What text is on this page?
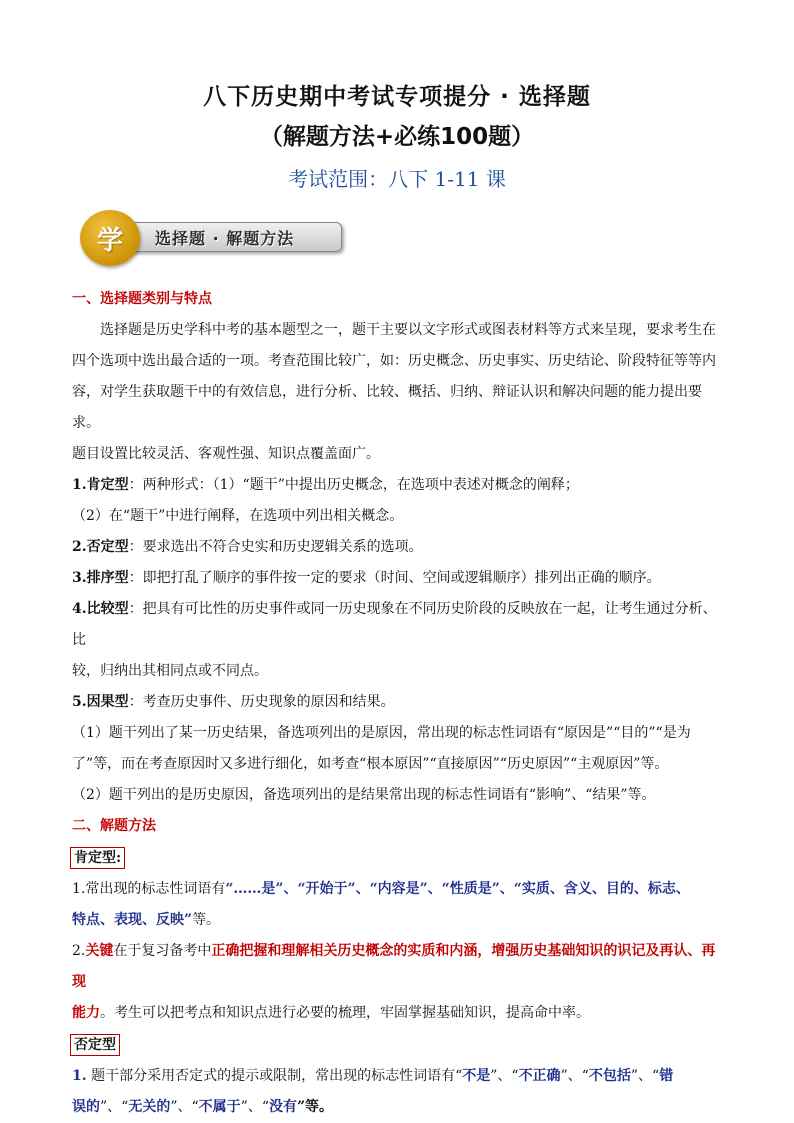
八下历史期中考试专项提分 · 选择题
（解题方法+必练100题）
考试范围：八下 1-11 课
学 选择题 · 解题方法

一、选择题类别与特点

选择题是历史学科中考的基本题型之一，题干主要以文字形式或图表材料等方式来呈现，要求考生在

四个选项中选出最合适的一项。考查范围比较广，如：历史概念、历史事实、历史结论、阶段特征等等内

容，对学生获取题干中的有效信息，进行分析、比较、概括、归纳、辩证认识和解决问题的能力提出要求。

题目设置比较灵活、客观性强、知识点覆盖面广。

1.肯定型：两种形式：（1）“题干”中提出历史概念，在选项中表述对概念的阐释；

（2）在“题干”中进行阐释，在选项中列出相关概念。

2.否定型：要求选出不符合史实和历史逻辑关系的选项。

3.排序型：即把打乱了顺序的事件按一定的要求（时间、空间或逻辑顺序）排列出正确的顺序。

4.比较型：把具有可比性的历史事件或同一历史现象在不同历史阶段的反映放在一起，让考生通过分析、比

较，归纳出其相同点或不同点。

5.因果型：考查历史事件、历史现象的原因和结果。

（1）题干列出了某一历史结果，备选项列出的是原因，常出现的标志性词语有“原因是”“目的”“是为

了”等，而在考查原因时又多进行细化，如考查“根本原因”“直接原因”“历史原因”“主观原因”等。

（2）题干列出的是历史原因，备选项列出的是结果常出现的标志性词语有“影响”、“结果”等。

二、解题方法

肯定型:

1.常出现的标志性词语有“……是”、“开始于”、“内容是”、“性质是”、“实质、含义、目的、标志、

特点、表现、反映”等。

2.关键在于复习备考中正确把握和理解相关历史概念的实质和内涵，增强历史基础知识的识记及再认、再现

能力。考生可以把考点和知识点进行必要的梳理，牢固掌握基础知识，提高命中率。

否定型

1. 题干部分采用否定式的提示或限制，常出现的标志性词语有“不是”、“不正确”、“不包括”、“错

误的”、“无关的”、“不属于”、“没有”等。
